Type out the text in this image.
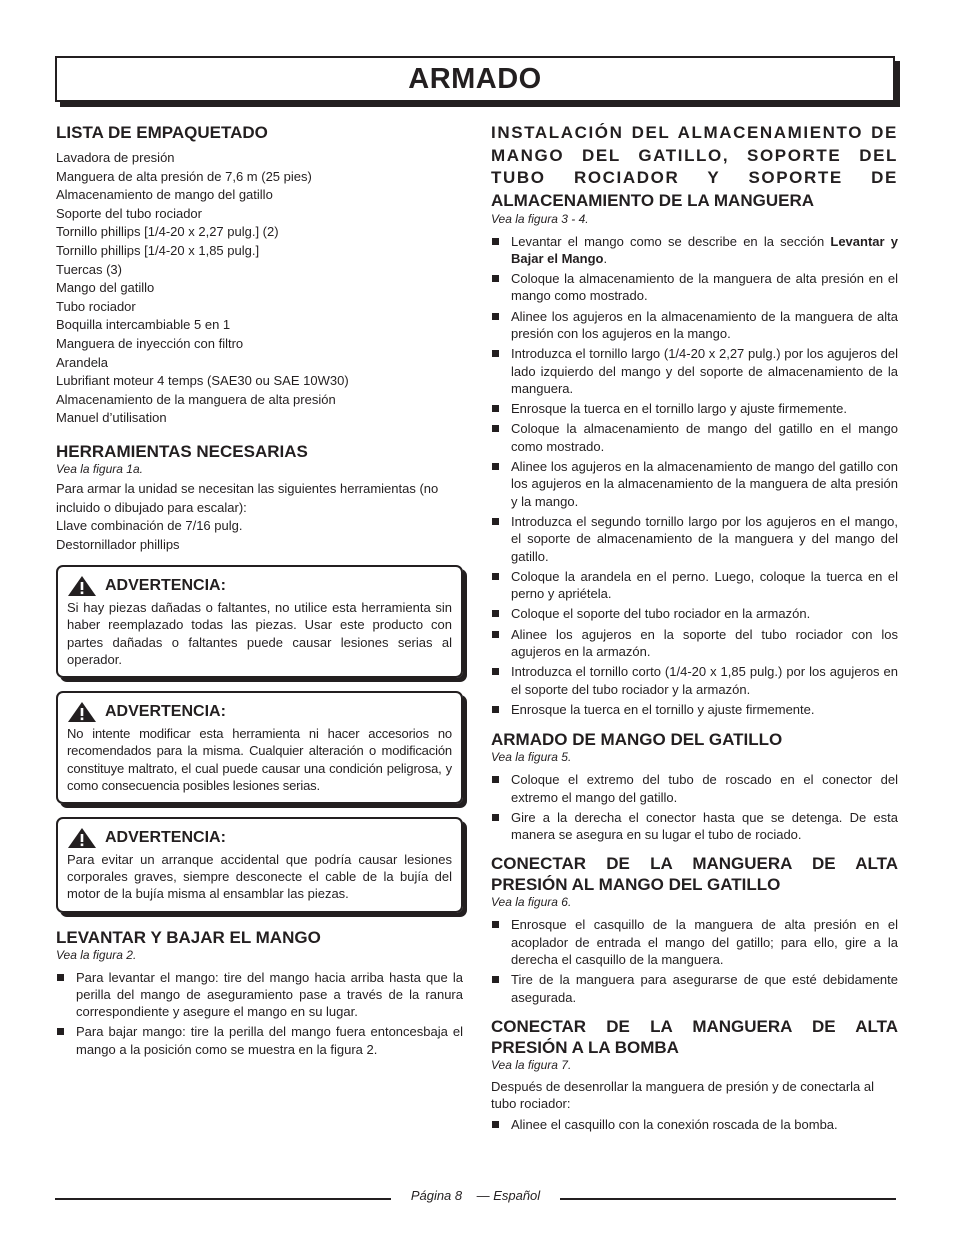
ARMADO
LISTA DE EMPAQUETADO
Lavadora de presión
Manguera de alta presión de 7,6 m (25 pies)
Almacenamiento de mango del gatillo
Soporte del tubo rociador
Tornillo phillips [1/4-20 x 2,27 pulg.] (2)
Tornillo phillips [1/4-20 x 1,85 pulg.]
Tuercas (3)
Mango del gatillo
Tubo rociador
Boquilla intercambiable 5 en 1
Manguera de inyección con filtro
Arandela
Lubrifiant moteur 4 temps (SAE30 ou SAE 10W30)
Almacenamiento de la manguera de alta presión
Manuel d’utilisation
HERRAMIENTAS NECESARIAS

Vea la figura 1a.

Para armar la unidad se necesitan las siguientes herramientas (no incluido o dibujado para escalar):

Llave combinación de 7/16 pulg.
Destornillador phillips
ADVERTENCIA:

Si hay piezas dañadas o faltantes, no utilice esta herramienta sin haber reemplazado todas las piezas. Usar este producto con partes dañadas o faltantes puede causar lesiones serias al operador.

ADVERTENCIA:

No intente modificar esta herramienta ni hacer accesorios no recomendados para la misma. Cualquier alteración o modificación constituye maltrato, el cual puede causar una condición peligrosa, y como consecuencia posibles lesiones serias.

ADVERTENCIA:

Para evitar un arranque accidental que podría causar lesiones corporales graves, siempre desconecte el cable de la bujía del motor de la bujía misma al ensamblar las piezas.

LEVANTAR Y BAJAR EL MANGO

Vea la figura 2.

Para levantar el mango: tire del mango hacia arriba hasta que la perilla del mango de aseguramiento pase a través de la ranura correspondiente y asegure el mango en su lugar.
Para bajar mango: tire la perilla del mango fuera entoncesbaja el mango a la posición como se muestra en la figura 2.
INSTALACIÓN DEL ALMACENAMIENTO DE MANGO DEL GATILLO, SOPORTE DEL TUBO ROCIADOR Y SOPORTE DE
ALMACENAMIENTO DE LA MANGUERA

Vea la figura 3 - 4.

Levantar el mango como se describe en la sección Levantar y Bajar el Mango.
Coloque la almacenamiento de la manguera de alta presión en el mango como mostrado.
Alinee los agujeros en la almacenamiento de la manguera de alta presión con los agujeros en la mango.
Introduzca el tornillo largo (1/4-20 x 2,27 pulg.) por los agujeros del lado izquierdo del mango y del soporte de almacenamiento de la manguera.
Enrosque la tuerca en el tornillo largo y ajuste firmemente.
Coloque la almacenamiento de mango del gatillo en el mango como mostrado.
Alinee los agujeros en la almacenamiento de mango del gatillo con los agujeros en la almacenamiento de la manguera de alta presión y la mango.
Introduzca el segundo tornillo largo por los agujeros en el mango, el soporte de almacenamiento de la manguera y del mango del gatillo.
Coloque la arandela en el perno. Luego, coloque la tuerca en el perno y apriétela.
Coloque el soporte del tubo rociador en la armazón.
Alinee los agujeros en la soporte del tubo rociador con los agujeros en la armazón.
Introduzca el tornillo corto (1/4-20 x 1,85 pulg.) por los agujeros en el soporte del tubo rociador y la armazón.
Enrosque la tuerca en el tornillo y ajuste firmemente.
ARMADO DE MANGO DEL GATILLO

Vea la figura 5.

Coloque el extremo del tubo de roscado en el conector del extremo el mango del gatillo.
Gire a la derecha el conector hasta que se detenga. De esta manera se asegura en su lugar el tubo de rociado.
CONECTAR DE LA MANGUERA DE ALTA PRESIÓN AL MANGO DEL GATILLO

Vea la figura 6.

Enrosque el casquillo de la manguera de alta presión en el acoplador de entrada el mango del gatillo; para ello, gire a la derecha el casquillo de la manguera.
Tire de la manguera para asegurarse de que esté debidamente asegurada.
CONECTAR DE LA MANGUERA DE ALTA PRESIÓN A LA BOMBA

Vea la figura 7.

Después de desenrollar la manguera de presión y de conectarla al tubo rociador:

Alinee el casquillo con la conexión roscada de la bomba.
Página 8    — Español
